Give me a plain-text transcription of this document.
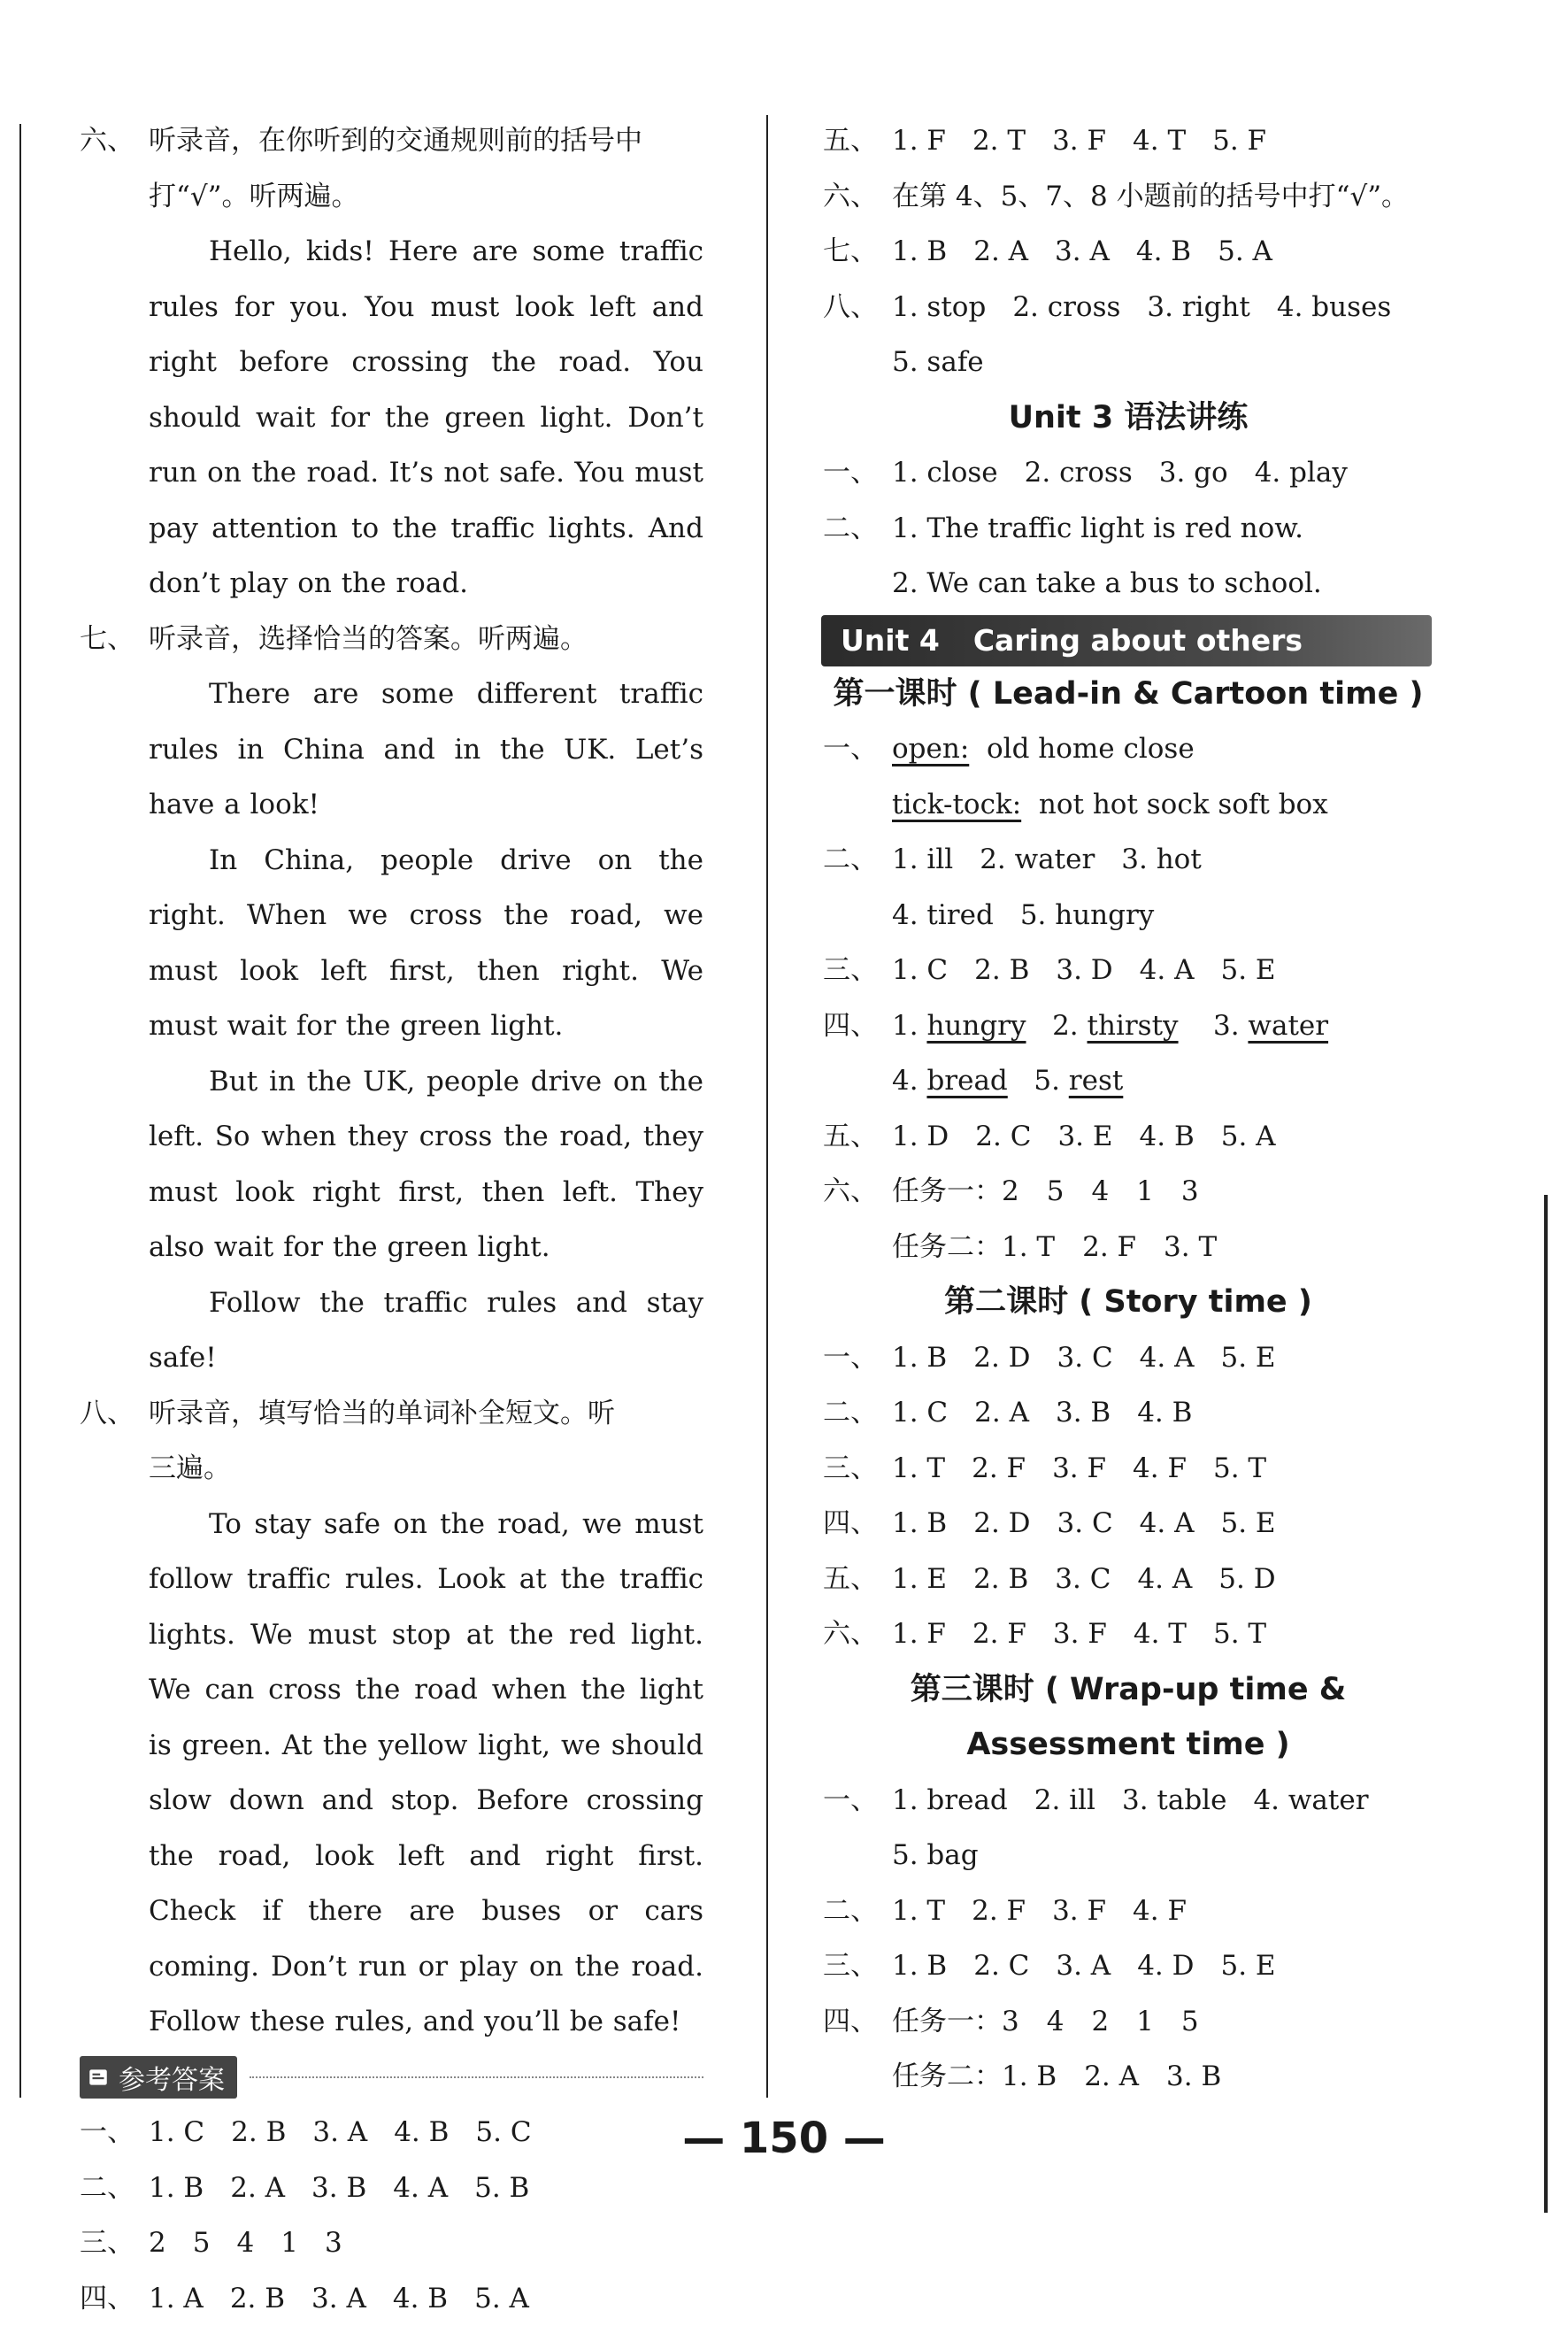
六、 听录音，在你听到的交通规则前的括号中
打“√”。听两遍。

Hello, kids! Here are some traffic rules for you. You must look left and right before crossing the road. You should wait for the green light. Don’t run on the road. It’s not safe. You must pay attention to the traffic lights. And don’t play on the road.

七、 听录音，选择恰当的答案。听两遍。

There are some different traffic rules in China and in the UK. Let’s have a look!

In China, people drive on the right. When we cross the road, we must look left first, then right. We must wait for the green light.

But in the UK, people drive on the left. So when they cross the road, they must look right first, then left. They also wait for the green light.

Follow the traffic rules and stay safe!

八、 听录音，填写恰当的单词补全短文。听
三遍。

To stay safe on the road, we must follow traffic rules. Look at the traffic lights. We must stop at the red light. We can cross the road when the light is green. At the yellow light, we should slow down and stop. Before crossing the road, look left and right first. Check if there are buses or cars coming. Don’t run or play on the road. Follow these rules, and you’ll be safe!

参考答案
一、 1. C 2. B 3. A 4. B 5. C
二、 1. B 2. A 3. B 4. A 5. B
三、 2 5 4 1 3
四、 1. A 2. B 3. A 4. B 5. A
五、 1. F 2. T 3. F 4. T 5. F
六、 在第 4、5、7、8 小题前的括号中打“√”。
七、 1. B 2. A 3. A 4. B 5. A
八、 1. stop 2. cross 3. right 4. buses
5. safe
Unit 3 语法讲练
一、 1. close 2. cross 3. go 4. play
二、 1. The traffic light is red now.
2. We can take a bus to school.
Unit 4 Caring about others
第一课时 ( Lead-in & Cartoon time )
一、 open: old home close
tick-tock: not hot sock soft box
二、 1. ill 2. water 3. hot
4. tired 5. hungry
三、 1. C 2. B 3. D 4. A 5. E
四、 1. hungry 2. thirsty 3. water
4. bread 5. rest
五、 1. D 2. C 3. E 4. B 5. A
六、 任务一：2　5　4　1　3
任务二：1. T　2. F　3. T
第二课时 ( Story time )
一、 1. B 2. D 3. C 4. A 5. E
二、 1. C 2. A 3. B 4. B
三、 1. T 2. F 3. F 4. F 5. T
四、 1. B 2. D 3. C 4. A 5. E
五、 1. E 2. B 3. C 4. A 5. D
六、 1. F 2. F 3. F 4. T 5. T
第三课时 ( Wrap-up time &
Assessment time )
一、 1. bread 2. ill 3. table 4. water
5. bag
二、 1. T 2. F 3. F 4. F
三、 1. B 2. C 3. A 4. D 5. E
四、 任务一：3　4　2　1　5
任务二：1. B　2. A　3. B
— 150 —
